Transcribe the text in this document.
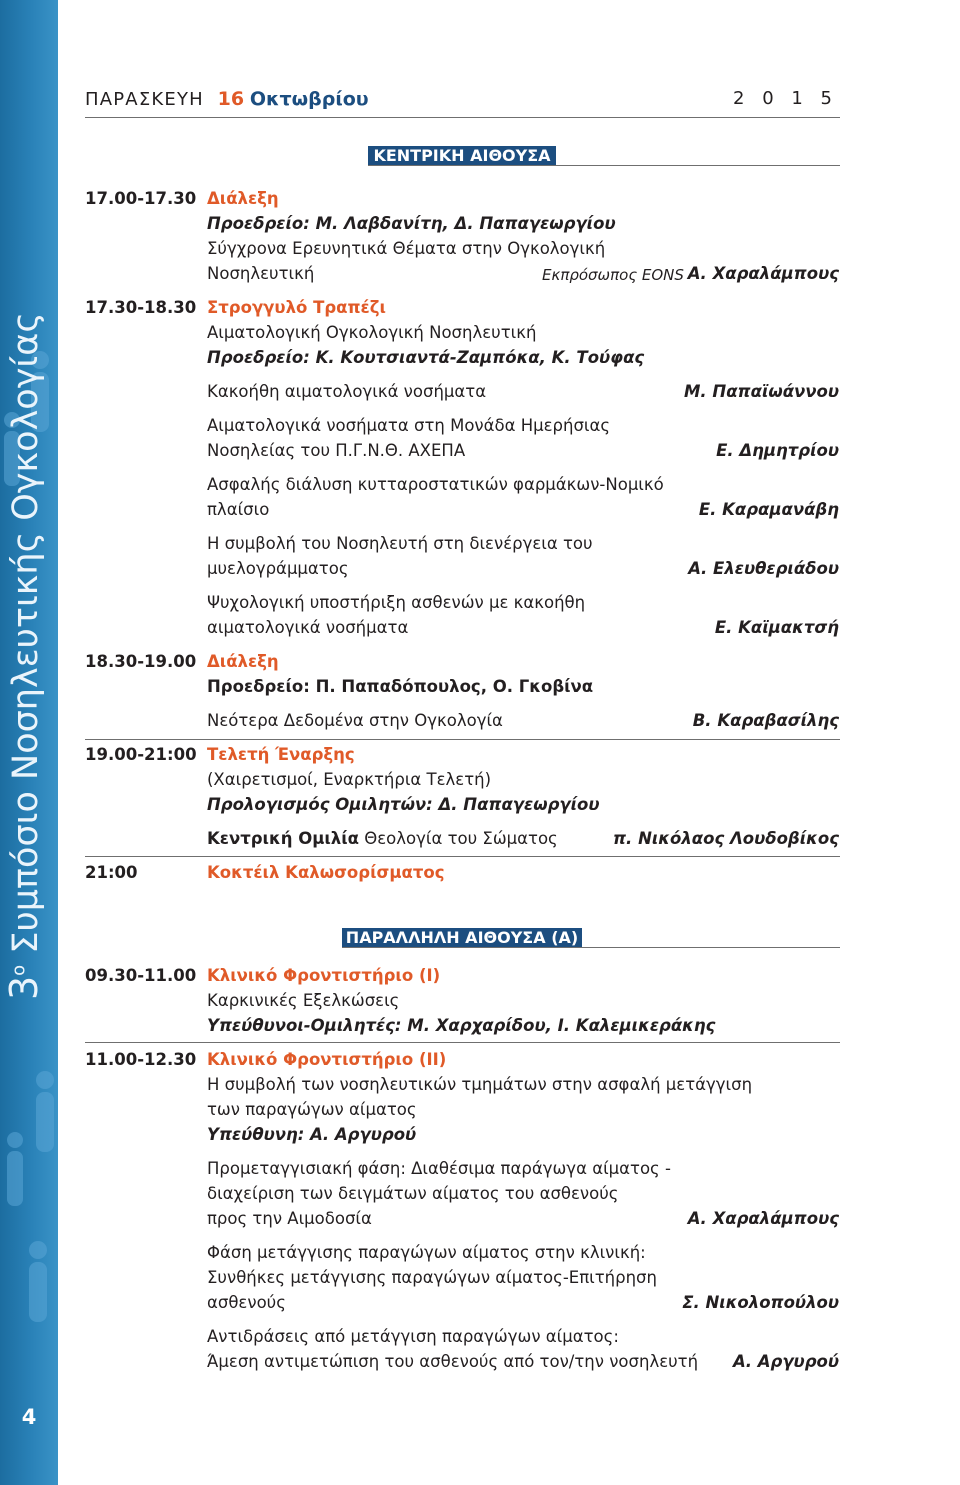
$3^o$ Συμπόσιο Νοσηλευτικής Ογκολογίας
4
ΠΑΡΑΣΚΕΥΗ 16 Οκτωβρίου	2 0 1 5
ΚΕΝΤΡΙΚΗ ΑΙΘΟΥΣΑ
17.00-17.30 Διάλεξη
Προεδρείο: Μ. Λαβδανίτη, Δ. Παπαγεωργίου
Σύγχρονα Ερευνητικά Θέματα στην Ογκολογική
Νοσηλευτική	Εκπρόσωπος EONS Α. Χαραλάμπους
17.30-18.30 Στρογγυλό Τραπέζι
Αιματολογική Ογκολογική Νοσηλευτική
Προεδρείο: Κ. Κουτσιαντά-Ζαμπόκα, Κ. Τούφας
Κακοήθη αιματολογικά νοσήματα	Μ. Παπαϊωάννου
Αιματολογικά νοσήματα στη Μονάδα Ημερήσιας
Νοσηλείας του Π.Γ.Ν.Θ. ΑΧΕΠΑ	Ε. Δημητρίου
Ασφαλής διάλυση κυτταροστατικών φαρμάκων-Νομικό
πλαίσιο	Ε. Καραμανάβη
Η συμβολή του Νοσηλευτή στη διενέργεια του
μυελογράμματος	Α. Ελευθεριάδου
Ψυχολογική υποστήριξη ασθενών με κακοήθη
αιματολογικά νοσήματα	Ε. Καϊμακτσή
18.30-19.00 Διάλεξη
Προεδρείο: Π. Παπαδόπουλος, Ο. Γκοβίνα
Νεότερα Δεδομένα στην Ογκολογία	Β. Καραβασίλης
19.00-21:00 Τελετή Έναρξης
(Χαιρετισμοί, Εναρκτήρια Τελετή)
Προλογισμός Ομιλητών: Δ. Παπαγεωργίου
Κεντρική Ομιλία Θεολογία του Σώματος	π. Νικόλαος Λουδοβίκος
21:00	Κοκτέιλ Καλωσορίσματος
ΠΑΡΑΛΛΗΛΗ ΑΙΘΟΥΣΑ (Α)
09.30-11.00 Κλινικό Φροντιστήριο (Ι)
Καρκινικές Εξελκώσεις
Υπεύθυνοι-Ομιλητές: Μ. Χαρχαρίδου, Ι. Καλεμικεράκης
11.00-12.30 Κλινικό Φροντιστήριο (ΙΙ)
Η συμβολή των νοσηλευτικών τμημάτων στην ασφαλή μετάγγιση
των παραγώγων αίματος
Υπεύθυνη: Α. Αργυρού
Προμεταγγισιακή φάση: Διαθέσιμα παράγωγα αίματος -
διαχείριση των δειγμάτων αίματος του ασθενούς
προς την Αιμοδοσία	Α. Χαραλάμπους
Φάση μετάγγισης παραγώγων αίματος στην κλινική:
Συνθήκες μετάγγισης παραγώγων αίματος-Επιτήρηση
ασθενούς	Σ. Νικολοπούλου
Αντιδράσεις από μετάγγιση παραγώγων αίματος:
Άμεση αντιμετώπιση του ασθενούς από τον/την νοσηλευτή Α. Αργυρού
